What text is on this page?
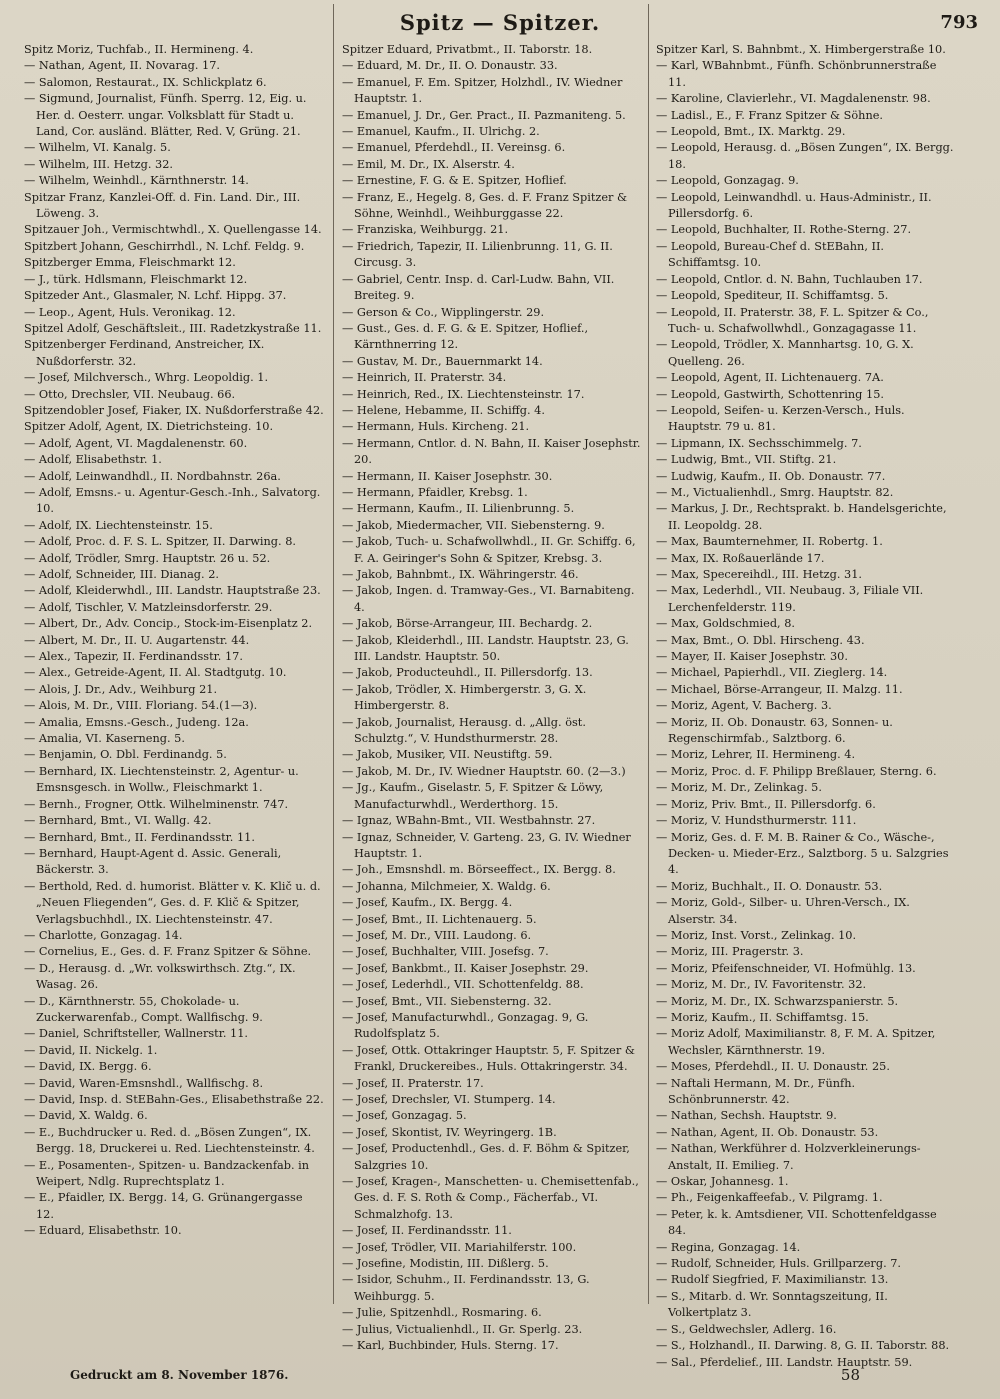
Spitz — Spitzer.	793

Spitz Moriz, Tuchfab., II. Hermineng. 4.

— Nathan, Agent, II. Novarag. 17.

— Salomon, Restaurat., IX. Schlickplatz 6.

— Sigmund, Journalist, Fünfh. Sperrg. 12, Eig. u. Her. d. Oesterr. ungar. Volksblatt für Stadt u. Land, Cor. ausländ. Blätter, Red. V, Grüng. 21.

— Wilhelm, VI. Kanalg. 5.

— Wilhelm, III. Hetzg. 32.

— Wilhelm, Weinhdl., Kärnthnerstr. 14.

Spitzar Franz, Kanzlei-Off. d. Fin. Land. Dir., III. Löweng. 3.

Spitzauer Joh., Vermischtwhdl., X. Quellengasse 14.

Spitzbert Johann, Geschirrhdl., N. Lchf. Feldg. 9.

Spitzberger Emma, Fleischmarkt 12.

— J., türk. Hdlsmann, Fleischmarkt 12.

Spitzeder Ant., Glasmaler, N. Lchf. Hippg. 37.

— Leop., Agent, Huls. Veronikag. 12.

Spitzel Adolf, Geschäftsleit., III. Radetzkystraße 11.

Spitzenberger Ferdinand, Anstreicher, IX. Nußdorferstr. 32.

— Josef, Milchversch., Whrg. Leopoldig. 1.

— Otto, Drechsler, VII. Neubaug. 66.

Spitzendobler Josef, Fiaker, IX. Nußdorferstraße 42.

Spitzer Adolf, Agent, IX. Dietrichsteing. 10.

— Adolf, Agent, VI. Magdalenenstr. 60.

— Adolf, Elisabethstr. 1.

— Adolf, Leinwandhdl., II. Nordbahnstr. 26a.

— Adolf, Emsns.- u. Agentur-Gesch.-Inh., Salvatorg. 10.

— Adolf, IX. Liechtensteinstr. 15.

— Adolf, Proc. d. F. S. L. Spitzer, II. Darwing. 8.

— Adolf, Trödler, Smrg. Hauptstr. 26 u. 52.

— Adolf, Schneider, III. Dianag. 2.

— Adolf, Kleiderwhdl., III. Landstr. Hauptstraße 23.

— Adolf, Tischler, V. Matzleinsdorferstr. 29.

— Albert, Dr., Adv. Concip., Stock-im-Eisenplatz 2.

— Albert, M. Dr., II. U. Augartenstr. 44.

— Alex., Tapezir, II. Ferdinandsstr. 17.

— Alex., Getreide-Agent, II. Al. Stadtgutg. 10.

— Alois, J. Dr., Adv., Weihburg 21.

— Alois, M. Dr., VIII. Floriang. 54.(1—3).

— Amalia, Emsns.-Gesch., Judeng. 12a.

— Amalia, VI. Kaserneng. 5.

— Benjamin, O. Dbl. Ferdinandg. 5.

— Bernhard, IX. Liechtensteinstr. 2, Agentur- u. Emsnsgesch. in Wollw., Fleischmarkt 1.

— Bernh., Frogner, Ottk. Wilhelminenstr. 747.

— Bernhard, Bmt., VI. Wallg. 42.

— Bernhard, Bmt., II. Ferdinandsstr. 11.

— Bernhard, Haupt-Agent d. Assic. Generali, Bäckerstr. 3.

— Berthold, Red. d. humorist. Blätter v. K. Klič u. d. „Neuen Fliegenden“, Ges. d. F. Klič & Spitzer, Verlagsbuchhdl., IX. Liechtensteinstr. 47.

— Charlotte, Gonzagag. 14.

— Cornelius, E., Ges. d. F. Franz Spitzer & Söhne.

— D., Herausg. d. „Wr. volkswirthsch. Ztg.“, IX. Wasag. 26.

— D., Kärnthnerstr. 55, Chokolade- u. Zuckerwarenfab., Compt. Wallfischg. 9.

— Daniel, Schriftsteller, Wallnerstr. 11.

— David, II. Nickelg. 1.

— David, IX. Bergg. 6.

— David, Waren-Emsnshdl., Wallfischg. 8.

— David, Insp. d. StEBahn-Ges., Elisabethstraße 22.

— David, X. Waldg. 6.

— E., Buchdrucker u. Red. d. „Bösen Zungen“, IX. Bergg. 18, Druckerei u. Red. Liechtensteinstr. 4.

— E., Posamenten-, Spitzen- u. Bandzackenfab. in Weipert, Ndlg. Ruprechtsplatz 1.

— E., Pfaidler, IX. Bergg. 14, G. Grünangergasse 12.

— Eduard, Elisabethstr. 10.

Spitzer Eduard, Privatbmt., II. Taborstr. 18.

— Eduard, M. Dr., II. O. Donaustr. 33.

— Emanuel, F. Em. Spitzer, Holzhdl., IV. Wiedner Hauptstr. 1.

— Emanuel, J. Dr., Ger. Pract., II. Pazmaniteng. 5.

— Emanuel, Kaufm., II. Ulrichg. 2.

— Emanuel, Pferdehdl., II. Vereinsg. 6.

— Emil, M. Dr., IX. Alserstr. 4.

— Ernestine, F. G. & E. Spitzer, Hoflief.

— Franz, E., Hegelg. 8, Ges. d. F. Franz Spitzer & Söhne, Weinhdl., Weihburggasse 22.

— Franziska, Weihburgg. 21.

— Friedrich, Tapezir, II. Lilienbrunng. 11, G. II. Circusg. 3.

— Gabriel, Centr. Insp. d. Carl-Ludw. Bahn, VII. Breiteg. 9.

— Gerson & Co., Wipplingerstr. 29.

— Gust., Ges. d. F. G. & E. Spitzer, Hoflief., Kärnthnerring 12.

— Gustav, M. Dr., Bauernmarkt 14.

— Heinrich, II. Praterstr. 34.

— Heinrich, Red., IX. Liechtensteinstr. 17.

— Helene, Hebamme, II. Schiffg. 4.

— Hermann, Huls. Kircheng. 21.

— Hermann, Cntlor. d. N. Bahn, II. Kaiser Josephstr. 20.

— Hermann, II. Kaiser Josephstr. 30.

— Hermann, Pfaidler, Krebsg. 1.

— Hermann, Kaufm., II. Lilienbrunng. 5.

— Jakob, Miedermacher, VII. Siebensterng. 9.

— Jakob, Tuch- u. Schafwollwhdl., II. Gr. Schiffg. 6, F. A. Geiringer's Sohn & Spitzer, Krebsg. 3.

— Jakob, Bahnbmt., IX. Währingerstr. 46.

— Jakob, Ingen. d. Tramway-Ges., VI. Barnabiteng. 4.

— Jakob, Börse-Arrangeur, III. Bechardg. 2.

— Jakob, Kleiderhdl., III. Landstr. Hauptstr. 23, G. III. Landstr. Hauptstr. 50.

— Jakob, Producteuhdl., II. Pillersdorfg. 13.

— Jakob, Trödler, X. Himbergerstr. 3, G. X. Himbergerstr. 8.

— Jakob, Journalist, Herausg. d. „Allg. öst. Schulztg.“, V. Hundsthurmerstr. 28.

— Jakob, Musiker, VII. Neustiftg. 59.

— Jakob, M. Dr., IV. Wiedner Hauptstr. 60. (2—3.)

— Jg., Kaufm., Giselastr. 5, F. Spitzer & Löwy, Manufacturwhdl., Werderthorg. 15.

— Ignaz, WBahn-Bmt., VII. Westbahnstr. 27.

— Ignaz, Schneider, V. Garteng. 23, G. IV. Wiedner Hauptstr. 1.

— Joh., Emsnshdl. m. Börseeffect., IX. Bergg. 8.

— Johanna, Milchmeier, X. Waldg. 6.

— Josef, Kaufm., IX. Bergg. 4.

— Josef, Bmt., II. Lichtenauerg. 5.

— Josef, M. Dr., VIII. Laudong. 6.

— Josef, Buchhalter, VIII. Josefsg. 7.

— Josef, Bankbmt., II. Kaiser Josephstr. 29.

— Josef, Lederhdl., VII. Schottenfeldg. 88.

— Josef, Bmt., VII. Siebensterng. 32.

— Josef, Manufacturwhdl., Gonzagag. 9, G. Rudolfsplatz 5.

— Josef, Ottk. Ottakringer Hauptstr. 5, F. Spitzer & Frankl, Druckereibes., Huls. Ottakringerstr. 34.

— Josef, II. Praterstr. 17.

— Josef, Drechsler, VI. Stumperg. 14.

— Josef, Gonzagag. 5.

— Josef, Skontist, IV. Weyringerg. 1B.

— Josef, Productenhdl., Ges. d. F. Böhm & Spitzer, Salzgries 10.

— Josef, Kragen-, Manschetten- u. Chemisettenfab., Ges. d. F. S. Roth & Comp., Fächerfab., VI. Schmalzhofg. 13.

— Josef, II. Ferdinandsstr. 11.

— Josef, Trödler, VII. Mariahilferstr. 100.

— Josefine, Modistin, III. Dißlerg. 5.

— Isidor, Schuhm., II. Ferdinandsstr. 13, G. Weihburgg. 5.

— Julie, Spitzenhdl., Rosmaring. 6.

— Julius, Victualienhdl., II. Gr. Sperlg. 23.

— Karl, Buchbinder, Huls. Sterng. 17.

Spitzer Karl, S. Bahnbmt., X. Himbergerstraße 10.

— Karl, WBahnbmt., Fünfh. Schönbrunnerstraße 11.

— Karoline, Clavierlehr., VI. Magdalenenstr. 98.

— Ladisl., E., F. Franz Spitzer & Söhne.

— Leopold, Bmt., IX. Marktg. 29.

— Leopold, Herausg. d. „Bösen Zungen“, IX. Bergg. 18.

— Leopold, Gonzagag. 9.

— Leopold, Leinwandhdl. u. Haus-Administr., II. Pillersdorfg. 6.

— Leopold, Buchhalter, II. Rothe-Sterng. 27.

— Leopold, Bureau-Chef d. StEBahn, II. Schiffamtsg. 10.

— Leopold, Cntlor. d. N. Bahn, Tuchlauben 17.

— Leopold, Spediteur, II. Schiffamtsg. 5.

— Leopold, II. Praterstr. 38, F. L. Spitzer & Co., Tuch- u. Schafwollwhdl., Gonzagagasse 11.

— Leopold, Trödler, X. Mannhartsg. 10, G. X. Quelleng. 26.

— Leopold, Agent, II. Lichtenauerg. 7A.

— Leopold, Gastwirth, Schottenring 15.

— Leopold, Seifen- u. Kerzen-Versch., Huls. Hauptstr. 79 u. 81.

— Lipmann, IX. Sechsschimmelg. 7.

— Ludwig, Bmt., VII. Stiftg. 21.

— Ludwig, Kaufm., II. Ob. Donaustr. 77.

— M., Victualienhdl., Smrg. Hauptstr. 82.

— Markus, J. Dr., Rechtsprakt. b. Handelsgerichte, II. Leopoldg. 28.

— Max, Baumternehmer, II. Robertg. 1.

— Max, IX. Roßauerlände 17.

— Max, Specereihdl., III. Hetzg. 31.

— Max, Lederhdl., VII. Neubaug. 3, Filiale VII. Lerchenfelderstr. 119.

— Max, Goldschmied, 8.

— Max, Bmt., O. Dbl. Hirscheng. 43.

— Mayer, II. Kaiser Josephstr. 30.

— Michael, Papierhdl., VII. Zieglerg. 14.

— Michael, Börse-Arrangeur, II. Malzg. 11.

— Moriz, Agent, V. Bacherg. 3.

— Moriz, II. Ob. Donaustr. 63, Sonnen- u. Regenschirmfab., Salztborg. 6.

— Moriz, Lehrer, II. Hermineng. 4.

— Moriz, Proc. d. F. Philipp Breßlauer, Sterng. 6.

— Moriz, M. Dr., Zelinkag. 5.

— Moriz, Priv. Bmt., II. Pillersdorfg. 6.

— Moriz, V. Hundsthurmerstr. 111.

— Moriz, Ges. d. F. M. B. Rainer & Co., Wäsche-, Decken- u. Mieder-Erz., Salztborg. 5 u. Salzgries 4.

— Moriz, Buchhalt., II. O. Donaustr. 53.

— Moriz, Gold-, Silber- u. Uhren-Versch., IX. Alserstr. 34.

— Moriz, Inst. Vorst., Zelinkag. 10.

— Moriz, III. Pragerstr. 3.

— Moriz, Pfeifenschneider, VI. Hofmühlg. 13.

— Moriz, M. Dr., IV. Favoritenstr. 32.

— Moriz, M. Dr., IX. Schwarzspanierstr. 5.

— Moriz, Kaufm., II. Schiffamtsg. 15.

— Moriz Adolf, Maximilianstr. 8, F. M. A. Spitzer, Wechsler, Kärnthnerstr. 19.

— Moses, Pferdehdl., II. U. Donaustr. 25.

— Naftali Hermann, M. Dr., Fünfh. Schönbrunnerstr. 42.

— Nathan, Sechsh. Hauptstr. 9.

— Nathan, Agent, II. Ob. Donaustr. 53.

— Nathan, Werkführer d. Holzverkleinerungs-Anstalt, II. Emilieg. 7.

— Oskar, Johannesg. 1.

— Ph., Feigenkaffeefab., V. Pilgramg. 1.

— Peter, k. k. Amtsdiener, VII. Schottenfeldgasse 84.

— Regina, Gonzagag. 14.

— Rudolf, Schneider, Huls. Grillparzerg. 7.

— Rudolf Siegfried, F. Maximilianstr. 13.

— S., Mitarb. d. Wr. Sonntagszeitung, II. Volkertplatz 3.

— S., Geldwechsler, Adlerg. 16.

— S., Holzhandl., II. Darwing. 8, G. II. Taborstr. 88.

— Sal., Pferdelief., III. Landstr. Hauptstr. 59.

Gedruckt am 8. November 1876.	58
